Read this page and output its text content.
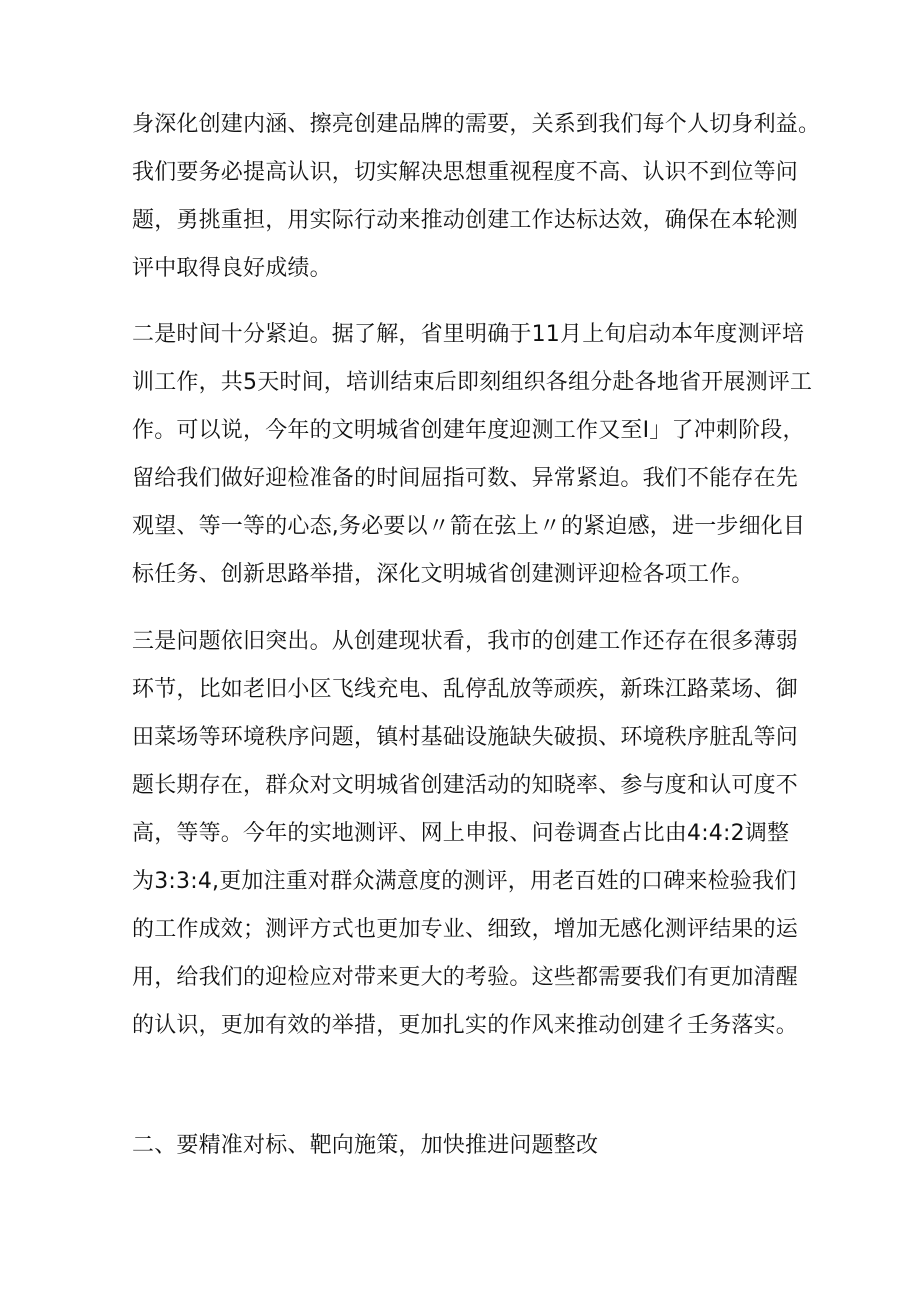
身深化创建内涵、擦亮创建品牌的需要，关系到我们每个人切身利益。
我们要务必提高认识，切实解决思想重视程度不高、认识不到位等问
题，勇挑重担，用实际行动来推动创建工作达标达效，确保在本轮测
评中取得良好成绩。
二是时间十分紧迫。据了解，省里明确于11月上旬启动本年度测评培
训工作，共5天时间，培训结束后即刻组织各组分赴各地省开展测评工
作。可以说，今年的文明城省创建年度迎测工作又至I」了冲刺阶段，
留给我们做好迎检准备的时间屈指可数、异常紧迫。我们不能存在先
观望、等一等的心态,务必要以〃箭在弦上〃的紧迫感，进一步细化目
标任务、创新思路举措，深化文明城省创建测评迎检各项工作。
三是问题依旧突出。从创建现状看，我市的创建工作还存在很多薄弱
环节，比如老旧小区飞线充电、乱停乱放等顽疾，新珠江路菜场、御
田菜场等环境秩序问题，镇村基础设施缺失破损、环境秩序脏乱等问
题长期存在，群众对文明城省创建活动的知晓率、参与度和认可度不
高，等等。今年的实地测评、网上申报、问卷调查占比由4:4:2调整
为3:3:4,更加注重对群众满意度的测评，用老百姓的口碑来检验我们
的工作成效；测评方式也更加专业、细致，增加无感化测评结果的运
用，给我们的迎检应对带来更大的考验。这些都需要我们有更加清醒
的认识，更加有效的举措，更加扎实的作风来推动创建彳壬务落实。
二、要精准对标、靶向施策，加快推进问题整改
